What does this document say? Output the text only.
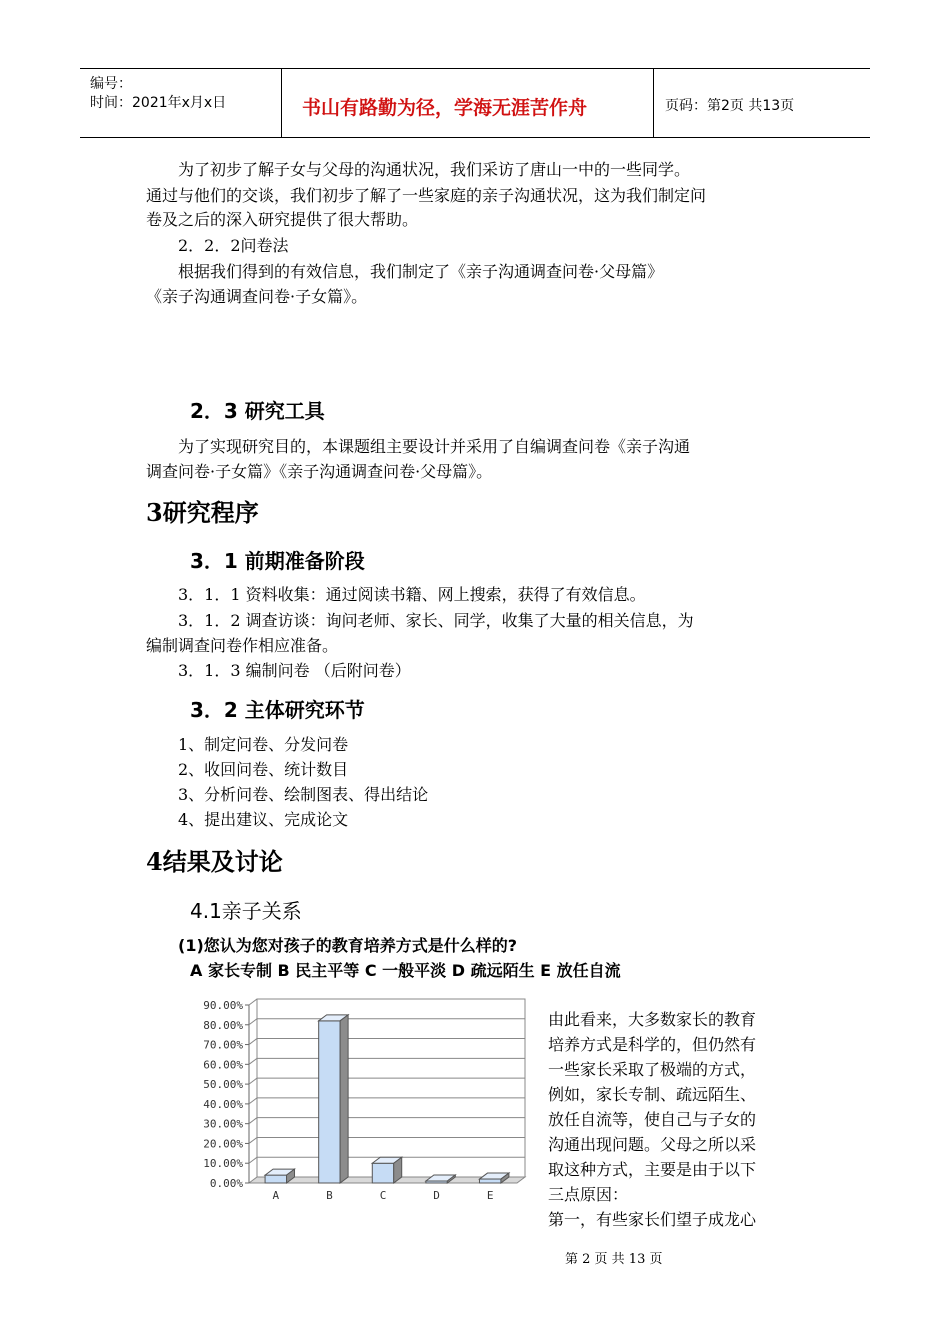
编号：
时间：2021年x月x日	书山有路勤为径，学海无涯苦作舟	页码：第2页 共13页
为了初步了解子女与父母的沟通状况，我们采访了唐山一中的一些同学。
通过与他们的交谈，我们初步了解了一些家庭的亲子沟通状况，这为我们制定问
卷及之后的深入研究提供了很大帮助。
2．2．2问卷法
根据我们得到的有效信息，我们制定了《亲子沟通调查问卷·父母篇》
《亲子沟通调查问卷·子女篇》。
2．3 研究工具
为了实现研究目的，本课题组主要设计并采用了自编调查问卷《亲子沟通
调查问卷·子女篇》《亲子沟通调查问卷·父母篇》。
3研究程序
3．1 前期准备阶段
3．1．1 资料收集：通过阅读书籍、网上搜索，获得了有效信息。
3．1．2 调查访谈：询问老师、家长、同学，收集了大量的相关信息，为
编制调查问卷作相应准备。
3．1．3 编制问卷 （后附问卷）
3．2 主体研究环节
1、制定问卷、分发问卷
2、收回问卷、统计数目
3、分析问卷、绘制图表、得出结论
4、提出建议、完成论文
4结果及讨论
4.1亲子关系
(1)您认为您对孩子的教育培养方式是什么样的?
A 家长专制 B 民主平等 C 一般平淡 D 疏远陌生 E 放任自流
0.00%
10.00%
20.00%
30.00%
40.00%
50.00%
60.00%
70.00%
80.00%
90.00%
A	B	C	D	E
由此看来，大多数家长的教育
培养方式是科学的，但仍然有
一些家长采取了极端的方式，
例如，家长专制、疏远陌生、
放任自流等，使自己与子女的
沟通出现问题。父母之所以采
取这种方式，主要是由于以下
三点原因：
第一，有些家长们望子成龙心
第 2 页 共 13 页
